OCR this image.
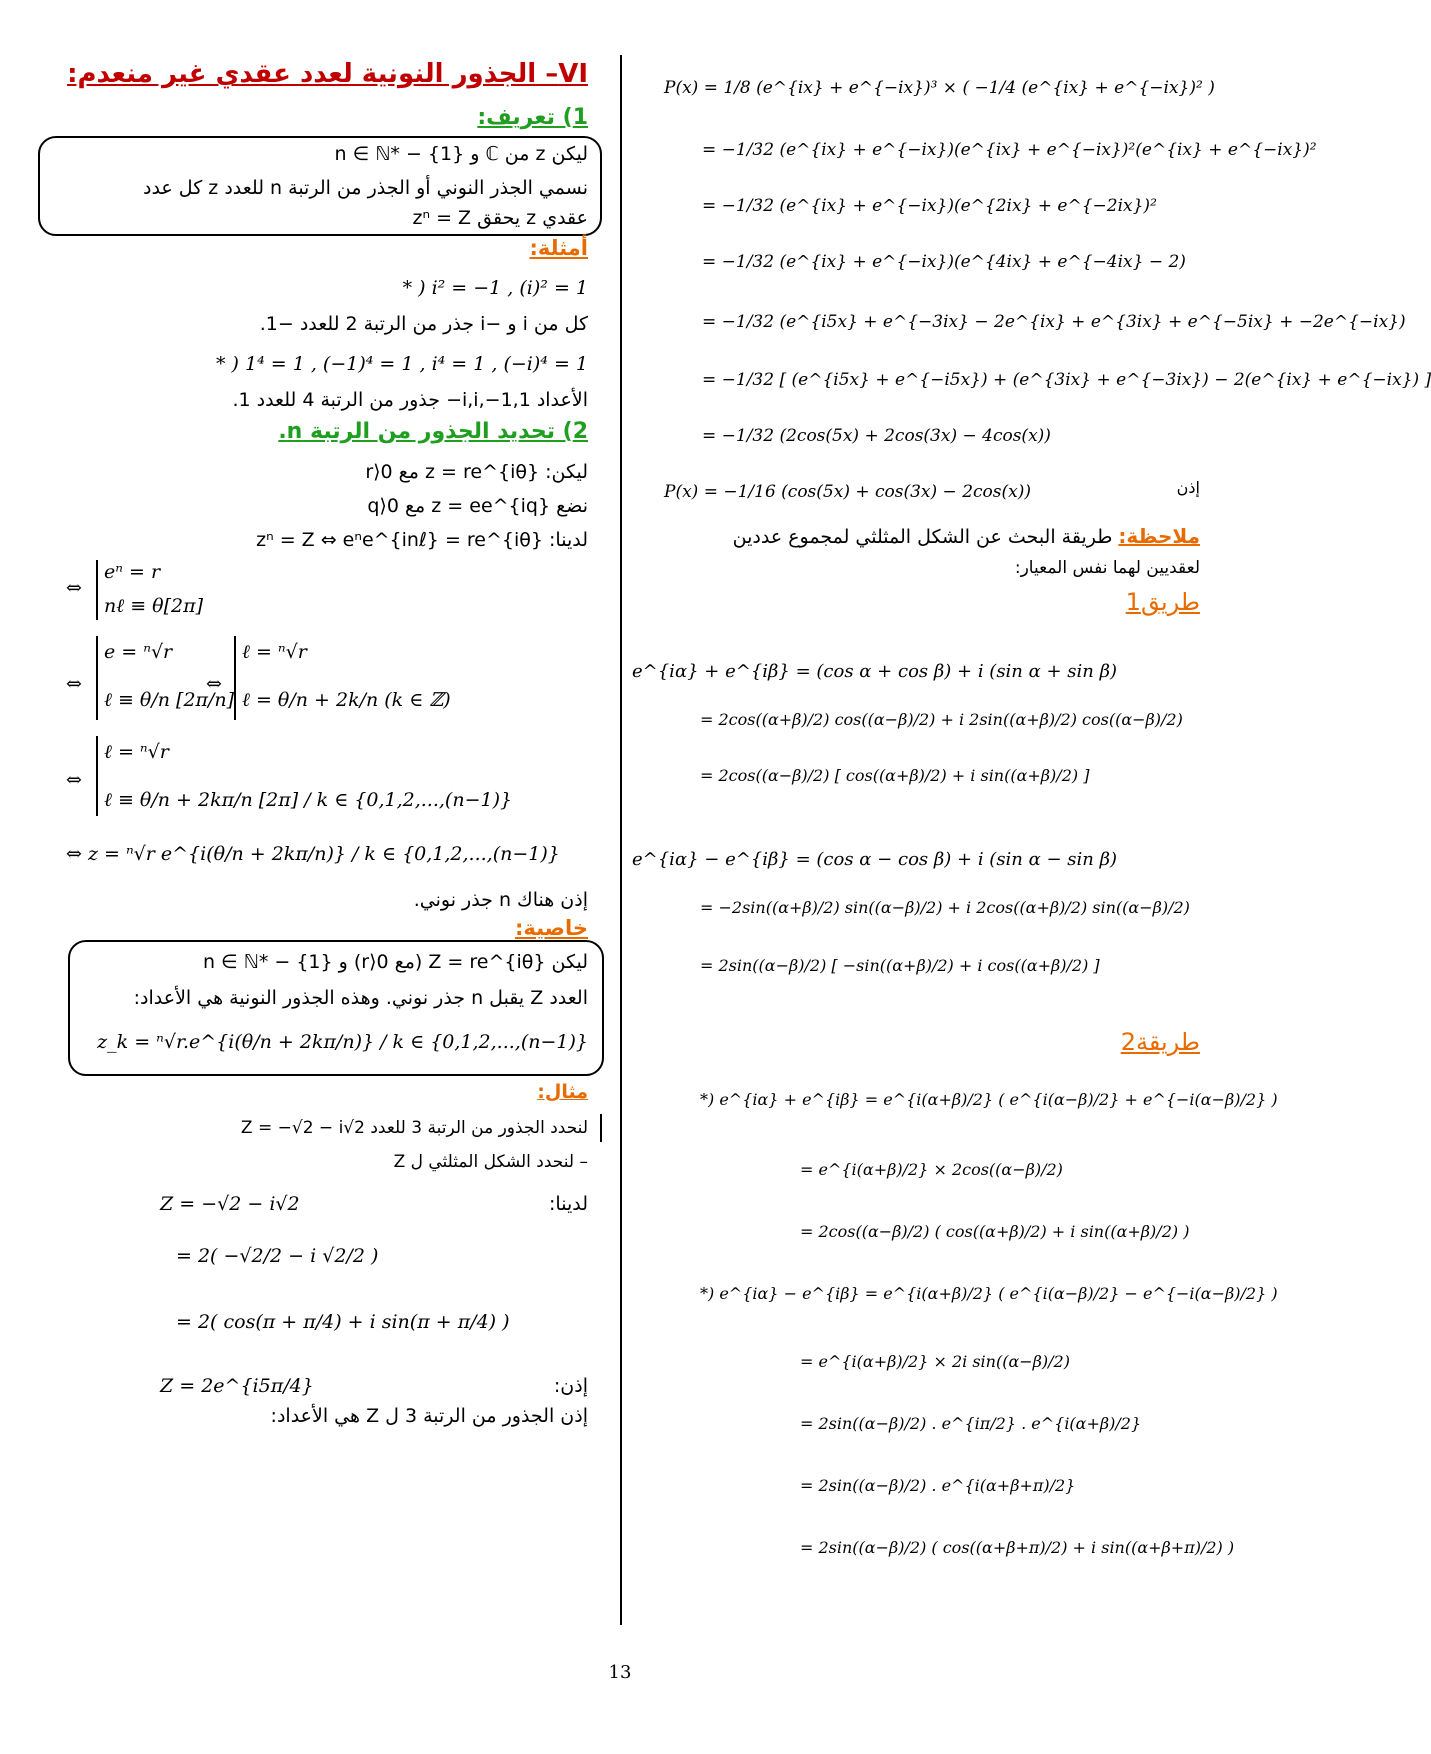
VI– الجذور النونية لعدد عقدي غير منعدم:
1) تعريف:
ليكن z من ℂ و n ∈ ℕ* − {1}
نسمي الجذر النوني أو الجذر من الرتبة n للعدد z كل عدد
عقدي z يحقق zⁿ = Z
أمثلة:
* ) i² = −1 , (i)² = 1
كل من i و −i جذر من الرتبة 2 للعدد −1.
* ) 1⁴ = 1 , (−1)⁴ = 1 , i⁴ = 1 , (−i)⁴ = 1
الأعداد 1,1−,i,i− جذور من الرتبة 4 للعدد 1.
2) تحديد الجذور من الرتبة n.
ليكن: z = re^{iθ} مع r⟩0
نضع z = ee^{iq} مع q⟩0
لدينا: zⁿ = Z ⇔ eⁿe^{inℓ} = re^{iθ}
⇔
eⁿ = r
nℓ ≡ θ[2π]
⇔
e = ⁿ√r
ℓ ≡ θ/n [2π/n]
⇔
ℓ = ⁿ√r
ℓ = θ/n + 2k/n (k ∈ ℤ)
⇔
ℓ = ⁿ√r
ℓ ≡ θ/n + 2kπ/n [2π] / k ∈ {0,1,2,...,(n−1)}
⇔ z = ⁿ√r e^{i(θ/n + 2kπ/n)} / k ∈ {0,1,2,...,(n−1)}
إذن هناك n جذر نوني.
خاصية:
ليكن Z = re^{iθ} (مع r⟩0) و n ∈ ℕ* − {1}
العدد Z يقبل n جذر نوني. وهذه الجذور النونية هي الأعداد:
z_k = ⁿ√r.e^{i(θ/n + 2kπ/n)} / k ∈ {0,1,2,...,(n−1)}
مثال:
لنحدد الجذور من الرتبة 3 للعدد Z = −√2 − i√2
– لنحدد الشكل المثلثي ل Z
لدينا:
Z = −√2 − i√2
= 2( −√2/2 − i √2/2 )
= 2( cos(π + π/4) + i sin(π + π/4) )
إذن:
Z = 2e^{i5π/4}
إذن الجذور من الرتبة 3 ل Z هي الأعداد:
P(x) = 1/8 (e^{ix} + e^{−ix})³ × ( −1/4 (e^{ix} + e^{−ix})² )
= −1/32 (e^{ix} + e^{−ix})(e^{ix} + e^{−ix})²(e^{ix} + e^{−ix})²
= −1/32 (e^{ix} + e^{−ix})(e^{2ix} + e^{−2ix})²
= −1/32 (e^{ix} + e^{−ix})(e^{4ix} + e^{−4ix} − 2)
= −1/32 (e^{i5x} + e^{−3ix} − 2e^{ix} + e^{3ix} + e^{−5ix} + −2e^{−ix})
= −1/32 [ (e^{i5x} + e^{−i5x}) + (e^{3ix} + e^{−3ix}) − 2(e^{ix} + e^{−ix}) ]
= −1/32 (2cos(5x) + 2cos(3x) − 4cos(x))
إذن
P(x) = −1/16 (cos(5x) + cos(3x) − 2cos(x))
ملاحظة: طريقة البحث عن الشكل المثلثي لمجموع عددين
لعقديين لهما نفس المعيار:
طريق1
e^{iα} + e^{iβ} = (cos α + cos β) + i (sin α + sin β)
= 2cos((α+β)/2) cos((α−β)/2) + i 2sin((α+β)/2) cos((α−β)/2)
= 2cos((α−β)/2) [ cos((α+β)/2) + i sin((α+β)/2) ]
e^{iα} − e^{iβ} = (cos α − cos β) + i (sin α − sin β)
= −2sin((α+β)/2) sin((α−β)/2) + i 2cos((α+β)/2) sin((α−β)/2)
= 2sin((α−β)/2) [ −sin((α+β)/2) + i cos((α+β)/2) ]
طريقة2
*) e^{iα} + e^{iβ} = e^{i(α+β)/2} ( e^{i(α−β)/2} + e^{−i(α−β)/2} )
= e^{i(α+β)/2} × 2cos((α−β)/2)
= 2cos((α−β)/2) ( cos((α+β)/2) + i sin((α+β)/2) )
*) e^{iα} − e^{iβ} = e^{i(α+β)/2} ( e^{i(α−β)/2} − e^{−i(α−β)/2} )
= e^{i(α+β)/2} × 2i sin((α−β)/2)
= 2sin((α−β)/2) . e^{iπ/2} . e^{i(α+β)/2}
= 2sin((α−β)/2) . e^{i(α+β+π)/2}
= 2sin((α−β)/2) ( cos((α+β+π)/2) + i sin((α+β+π)/2) )
13
